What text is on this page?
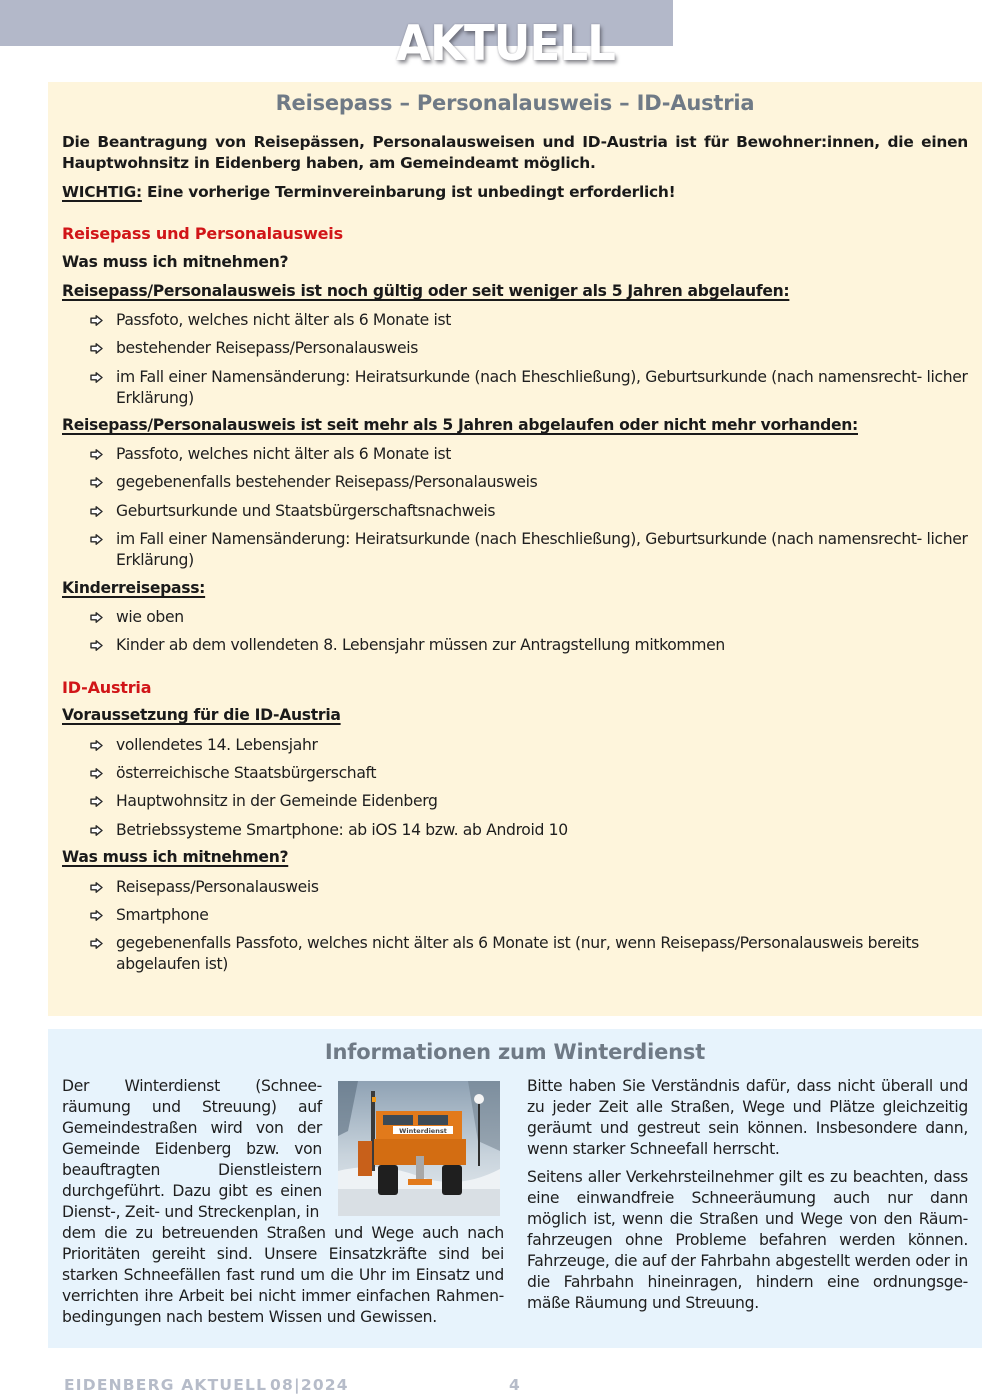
AKTUELL
Reisepass – Personalausweis – ID-Austria
Die Beantragung von Reisepässen, Personalausweisen und ID-Austria ist für Bewohner:innen, die einen Hauptwohnsitz in Eidenberg haben, am Gemeindeamt möglich.
WICHTIG: Eine vorherige Terminvereinbarung ist unbedingt erforderlich!
Reisepass und Personalausweis
Was muss ich mitnehmen?
Reisepass/Personalausweis ist noch gültig oder seit weniger als 5 Jahren abgelaufen:
Passfoto, welches nicht älter als 6 Monate ist
bestehender Reisepass/Personalausweis
im Fall einer Namensänderung: Heiratsurkunde (nach Eheschließung), Geburtsurkunde (nach namensrecht- licher Erklärung)
Reisepass/Personalausweis ist seit mehr als 5 Jahren abgelaufen oder nicht mehr vorhanden:
Passfoto, welches nicht älter als 6 Monate ist
gegebenenfalls bestehender Reisepass/Personalausweis
Geburtsurkunde und Staatsbürgerschaftsnachweis
im Fall einer Namensänderung: Heiratsurkunde (nach Eheschließung), Geburtsurkunde (nach namensrecht- licher Erklärung)
Kinderreisepass:
wie oben
Kinder ab dem vollendeten 8. Lebensjahr müssen zur Antragstellung mitkommen
ID-Austria
Voraussetzung für die ID-Austria
vollendetes 14. Lebensjahr
österreichische Staatsbürgerschaft
Hauptwohnsitz in der Gemeinde Eidenberg
Betriebssysteme Smartphone: ab iOS 14 bzw. ab Android 10
Was muss ich mitnehmen?
Reisepass/Personalausweis
Smartphone
gegebenenfalls Passfoto, welches nicht älter als 6 Monate ist (nur, wenn Reisepass/Personalausweis bereits abgelaufen ist)
Informationen zum Winterdienst
Der Winterdienst (Schnee- räumung und Streuung) auf Gemeindestraßen wird von der Gemeinde Eidenberg bzw. von beauftragten Dienstleistern durchgeführt. Dazu gibt es einen Dienst-, Zeit- und Streckenplan, in
Winterdienst
dem die zu betreuenden Straßen und Wege auch nach Prioritäten gereiht sind. Unsere Einsatzkräfte sind bei starken Schneefällen fast rund um die Uhr im Einsatz und verrichten ihre Arbeit bei nicht immer einfachen Rahmen- bedingungen nach bestem Wissen und Gewissen.
Bitte haben Sie Verständnis dafür, dass nicht überall und zu jeder Zeit alle Straßen, Wege und Plätze gleichzeitig geräumt und gestreut sein können. Insbesondere dann, wenn starker Schneefall herrscht.
Seitens aller Verkehrsteilnehmer gilt es zu beachten, dass eine einwandfreie Schneeräumung auch nur dann möglich ist, wenn die Straßen und Wege von den Räum- fahrzeugen ohne Probleme befahren werden können. Fahrzeuge, die auf der Fahrbahn abgestellt werden oder in die Fahrbahn hineinragen, hindern eine ordnungsge- mäße Räumung und Streuung.
EIDENBERG AKTUELL 08|2024	4
